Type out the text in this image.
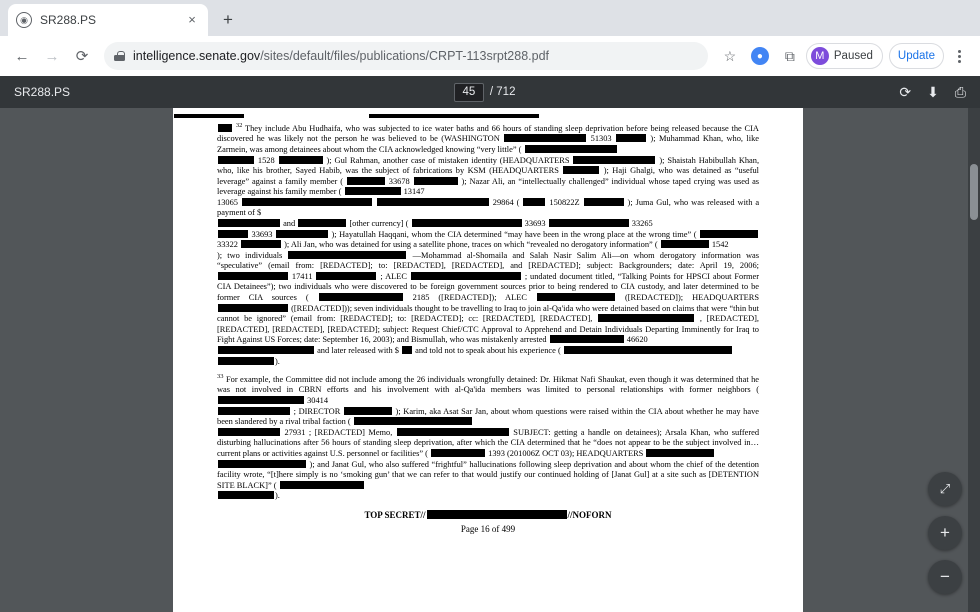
◉	SR288.PS	×	+
←	→	⟳	intelligence.senate.gov/sites/default/files/publications/CRPT-113srpt288.pdf	☆	●	⧉	M Paused	Update
SR288.PS	45	/ 712	⟳ ⬇ ⎙

$^{32}$ They include Abu Hudhaifa, who was subjected to ice water baths and 66 hours of standing sleep deprivation before being released because the CIA discovered he was likely not the person he was believed to be (WASHINGTON	51303	); Muhammad Khan, who, like Zarmein, was among detainees about whom the CIA acknowledged knowing “very little” (
1528	); Gul Rahman, another case of mistaken identity (HEADQUARTERS	); Shaistah Habibullah Khan, who, like his brother, Sayed Habib, was the subject of fabrications by KSM (HEADQUARTERS	); Haji Ghalgi, who was detained as “useful leverage” against a family member (	33678	); Nazar Ali, an “intellectually challenged” individual whose taped crying was used as leverage against his family member (	13147
13065	29864 (	150822Z	); Juma Gul, who was released with a payment of $
and	[other currency] (	33693	33265
33693	); Hayatullah Haqqani, whom the CIA determined “may have been in the wrong place at the wrong time” (  33322	); Ali Jan, who was detained for using a satellite phone, traces on which “revealed no derogatory information” (	1542
); two individuals	—Mohammad al-Shomaila and Salah Nasir Salim Ali—on whom derogatory information was “speculative” (email from: [REDACTED]; to: [REDACTED], [REDACTED], and [REDACTED]; subject: Backgrounders; date: April 19, 2006;  17411	; ALEC	; undated document titled, “Talking Points for HPSCI about Former CIA Detainees”); two individuals who were discovered to be foreign government sources prior to being rendered to CIA custody, and later determined to be former CIA sources (	2185 ([REDACTED]); ALEC	([REDACTED]); HEADQUARTERS  ([REDACTED])); seven individuals thought to be travelling to Iraq to join al-Qa'ida who were detained based on claims that were “thin but cannot be ignored” (email from: [REDACTED]; to: [REDACTED]; cc: [REDACTED], [REDACTED],	, [REDACTED], [REDACTED], [REDACTED], [REDACTED]; subject: Request Chief/CTC Approval to Apprehend and Detain Individuals Departing Imminently for Iraq to Fight Against US Forces; date: September 16, 2003); and Bismullah, who was mistakenly arrested	46620
and later released with $ and told not to speak about his experience (
).

$^{33}$ For example, the Committee did not include among the 26 individuals wrongfully detained: Dr. Hikmat Nafi Shaukat, even though it was determined that he was not involved in CBRN efforts and his involvement with al-Qa'ida members was limited to personal relationships with former neighbors (  30414
; DIRECTOR	); Karim, aka Asat Sar Jan, about whom questions were raised within the CIA about whether he may have been slandered by a rival tribal faction (
27931 ; [REDACTED] Memo,	SUBJECT: getting a handle on detainees); Arsala Khan, who suffered disturbing hallucinations after 56 hours of standing sleep deprivation, after which the CIA determined that he “does not appear to be the subject involved in… current plans or activities against U.S. personnel or facilities” (	1393 (201006Z OCT 03); HEADQUARTERS
); and Janat Gul, who also suffered “frightful” hallucinations following sleep deprivation and about whom the chief of the detention facility wrote, “[t]here simply is no ‘smoking gun’ that we can refer to that would justify our continued holding of [Janat Gul] at a site such as [DETENTION SITE BLACK]” (
).

TOP SECRET//	//NOFORN
Page 16 of 499
⤢
+
−
